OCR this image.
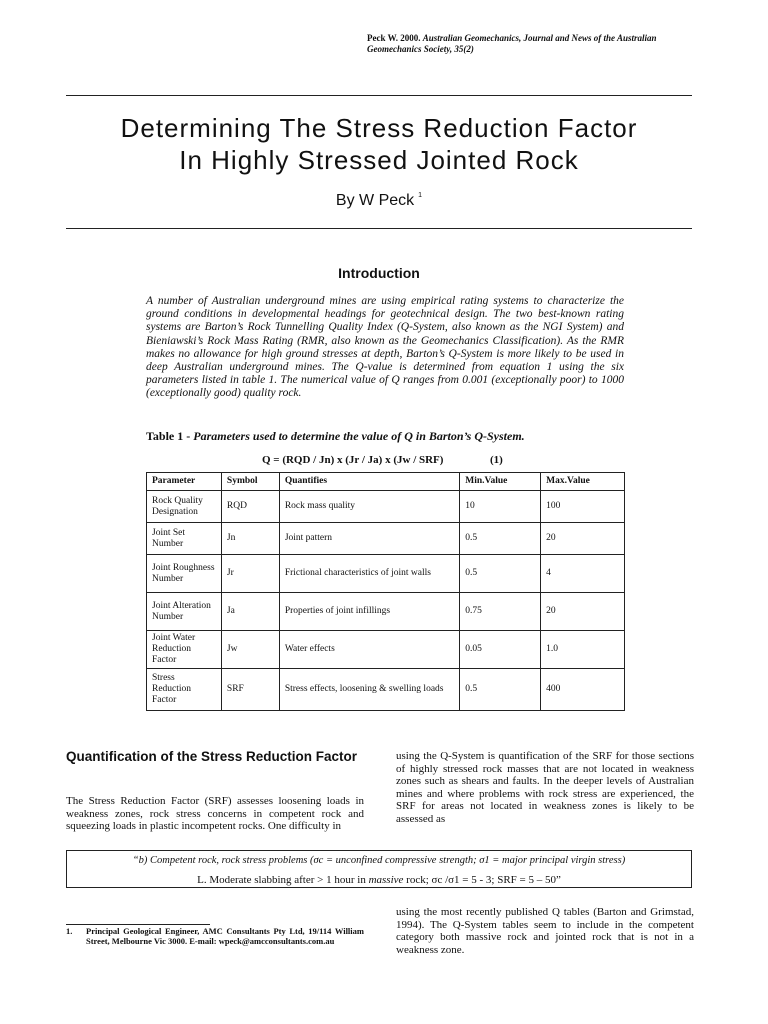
Peck W. 2000. Australian Geomechanics, Journal and News of the Australian Geomechanics Society, 35(2)
Determining The Stress Reduction Factor
In Highly Stressed Jointed Rock
By W Peck $^1$
Introduction
A number of Australian underground mines are using empirical rating systems to characterize the ground conditions in developmental headings for geotechnical design. The two best-known rating systems are Barton’s Rock Tunnelling Quality Index (Q-System, also known as the NGI System) and Bieniawski’s Rock Mass Rating (RMR, also known as the Geomechanics Classification). As the RMR makes no allowance for high ground stresses at depth, Barton’s Q-System is more likely to be used in deep Australian underground mines. The Q-value is determined from equation 1 using the six parameters listed in table 1. The numerical value of Q ranges from 0.001 (exceptionally poor) to 1000 (exceptionally good) quality rock.
Table 1 - Parameters used to determine the value of Q in Barton’s Q-System.
Q = (RQD / Jn) x (Jr / Ja) x (Jw / SRF)	(1)
Parameter	Symbol	Quantifies	Min.Value	Max.Value
Rock Quality Designation	RQD	Rock mass quality	10	100
Joint Set Number	Jn	Joint pattern	0.5	20
Joint Roughness Number	Jr	Frictional characteristics of joint walls	0.5	4
Joint Alteration Number	Ja	Properties of joint infillings	0.75	20
Joint Water Reduction Factor	Jw	Water effects	0.05	1.0
Stress Reduction Factor	SRF	Stress effects, loosening & swelling loads	0.5	400
Quantification of the Stress Reduction Factor
The Stress Reduction Factor (SRF) assesses loosening loads in weakness zones, rock stress concerns in competent rock and squeezing loads in plastic incompetent rocks. One difficulty in
using the Q-System is quantification of the SRF for those sections of highly stressed rock masses that are not located in weakness zones such as shears and faults. In the deeper levels of Australian mines and where problems with rock stress are experienced, the SRF for areas not located in weakness zones is likely to be assessed as
“b) Competent rock, rock stress problems (σc = unconfined compressive strength; σ1 = major principal virgin stress)
L. Moderate slabbing after > 1 hour in massive rock; σc /σ1 = 5 - 3; SRF = 5 – 50”
1. Principal Geological Engineer, AMC Consultants Pty Ltd, 19/114 William Street, Melbourne Vic 3000. E-mail: wpeck@amcconsultants.com.au
using the most recently published Q tables (Barton and Grimstad, 1994). The Q-System tables seem to include in the competent category both massive rock and jointed rock that is not in a weakness zone.
